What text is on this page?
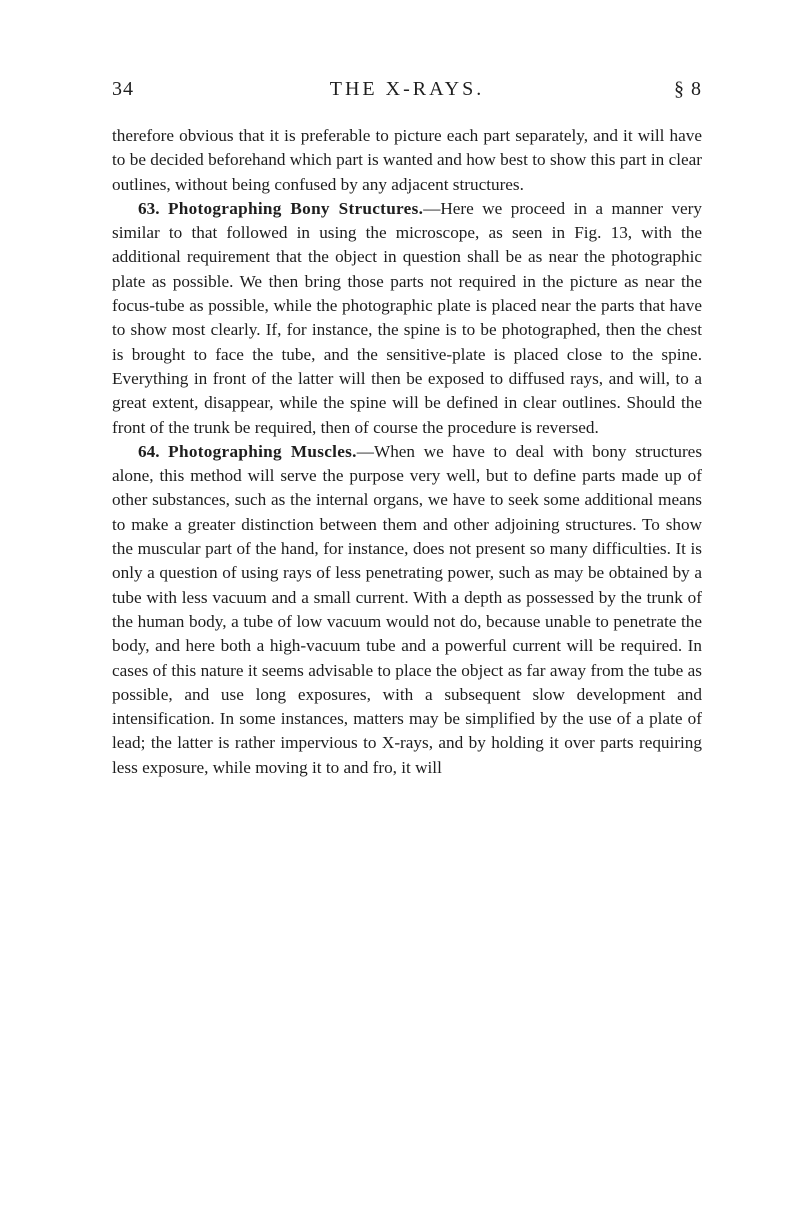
34	THE X-RAYS.	§ 8

therefore obvious that it is preferable to picture each part separately, and it will have to be decided beforehand which part is wanted and how best to show this part in clear outlines, without being confused by any adjacent structures.

63. Photographing Bony Structures.—Here we proceed in a manner very similar to that followed in using the microscope, as seen in Fig. 13, with the additional requirement that the object in question shall be as near the photographic plate as possible. We then bring those parts not required in the picture as near the focus-tube as possible, while the photographic plate is placed near the parts that have to show most clearly. If, for instance, the spine is to be photographed, then the chest is brought to face the tube, and the sensitive-plate is placed close to the spine. Everything in front of the latter will then be exposed to diffused rays, and will, to a great extent, disappear, while the spine will be defined in clear outlines. Should the front of the trunk be required, then of course the procedure is reversed.

64. Photographing Muscles.—When we have to deal with bony structures alone, this method will serve the purpose very well, but to define parts made up of other substances, such as the internal organs, we have to seek some additional means to make a greater distinction between them and other adjoining structures. To show the muscular part of the hand, for instance, does not present so many difficulties. It is only a question of using rays of less penetrating power, such as may be obtained by a tube with less vacuum and a small current. With a depth as possessed by the trunk of the human body, a tube of low vacuum would not do, because unable to penetrate the body, and here both a high-vacuum tube and a powerful current will be required. In cases of this nature it seems advisable to place the object as far away from the tube as possible, and use long exposures, with a subsequent slow development and intensification. In some instances, matters may be simplified by the use of a plate of lead; the latter is rather impervious to X-rays, and by holding it over parts requiring less exposure, while moving it to and fro, it will
